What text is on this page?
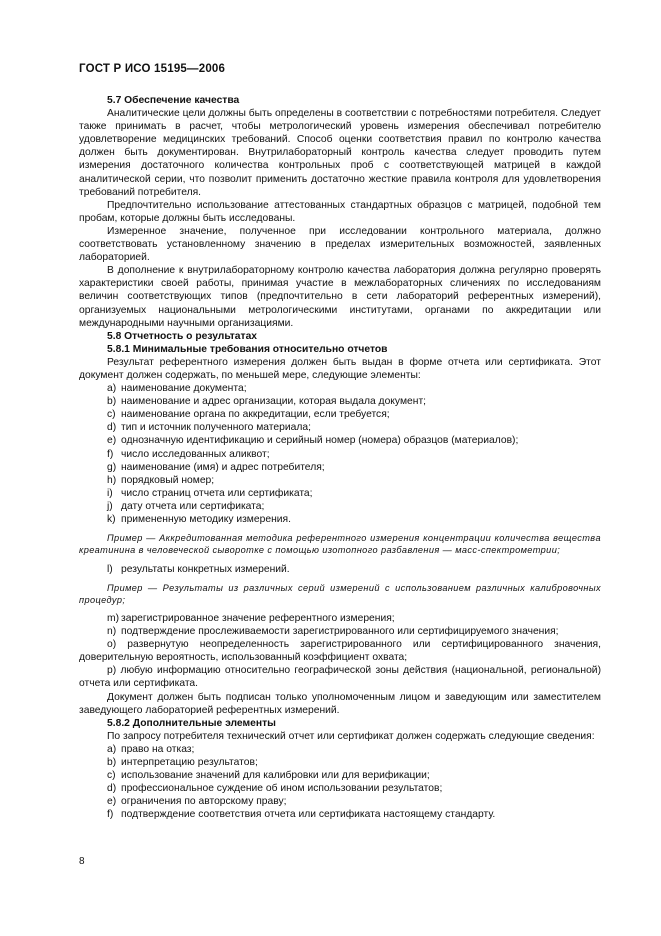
ГОСТ Р ИСО 15195—2006

5.7 Обеспечение качества

Аналитические цели должны быть определены в соответствии с потребностями потребителя. Следует также принимать в расчет, чтобы метрологический уровень измерения обеспечивал потребителю удовлетворение медицинских требований. Способ оценки соответствия правил по контролю качества должен быть документирован. Внутрилабораторный контроль качества следует проводить путем измерения достаточного количества контрольных проб с соответствующей матрицей в каждой аналитической серии, что позволит применить достаточно жесткие правила контроля для удовлетворения требований потребителя.

Предпочтительно использование аттестованных стандартных образцов с матрицей, подобной тем пробам, которые должны быть исследованы.

Измеренное значение, полученное при исследовании контрольного материала, должно соответствовать установленному значению в пределах измерительных возможностей, заявленных лабораторией.

В дополнение к внутрилабораторному контролю качества лаборатория должна регулярно проверять характеристики своей работы, принимая участие в межлабораторных сличениях по исследованиям величин соответствующих типов (предпочтительно в сети лабораторий референтных измерений), организуемых национальными метрологическими институтами, органами по аккредитации или международными научными организациями.

5.8 Отчетность о результатах

5.8.1 Минимальные требования относительно отчетов

Результат референтного измерения должен быть выдан в форме отчета или сертификата. Этот документ должен содержать, по меньшей мере, следующие элементы:

a) наименование документа;

b) наименование и адрес организации, которая выдала документ;

c) наименование органа по аккредитации, если требуется;

d) тип и источник полученного материала;

e) однозначную идентификацию и серийный номер (номера) образцов (материалов);

f) число исследованных аликвот;

g) наименование (имя) и адрес потребителя;

h) порядковый номер;

i) число страниц отчета или сертификата;

j) дату отчета или сертификата;

k) примененную методику измерения.

Пример — Аккредитованная методика референтного измерения концентрации количества веществa креатинина в человеческой сыворотке с помощью изотопного разбавления — масс-спектрометрии;

l) результаты конкретных измерений.

Пример — Результаты из различных серий измерений с использованием различных калибровочных процедур;

m) зарегистрированное значение референтного измерения;

n) подтверждение прослеживаемости зарегистрированного или сертифицируемого значения;

o) развернутую неопределенность зарегистрированного или сертифицированного значения, доверительную вероятность, использованный коэффициент охвата;

p) любую информацию относительно географической зоны действия (национальной, региональной) отчета или сертификата.

Документ должен быть подписан только уполномоченным лицом и заведующим или заместителем заведующего лабораторией референтных измерений.

5.8.2 Дополнительные элементы

По запросу потребителя технический отчет или сертификат должен содержать следующие сведения:

a) право на отказ;

b) интерпретацию результатов;

c) использование значений для калибровки или для верификации;

d) профессиональное суждение об ином использовании результатов;

e) ограничения по авторскому праву;

f) подтверждение соответствия отчета или сертификата настоящему стандарту.

8
